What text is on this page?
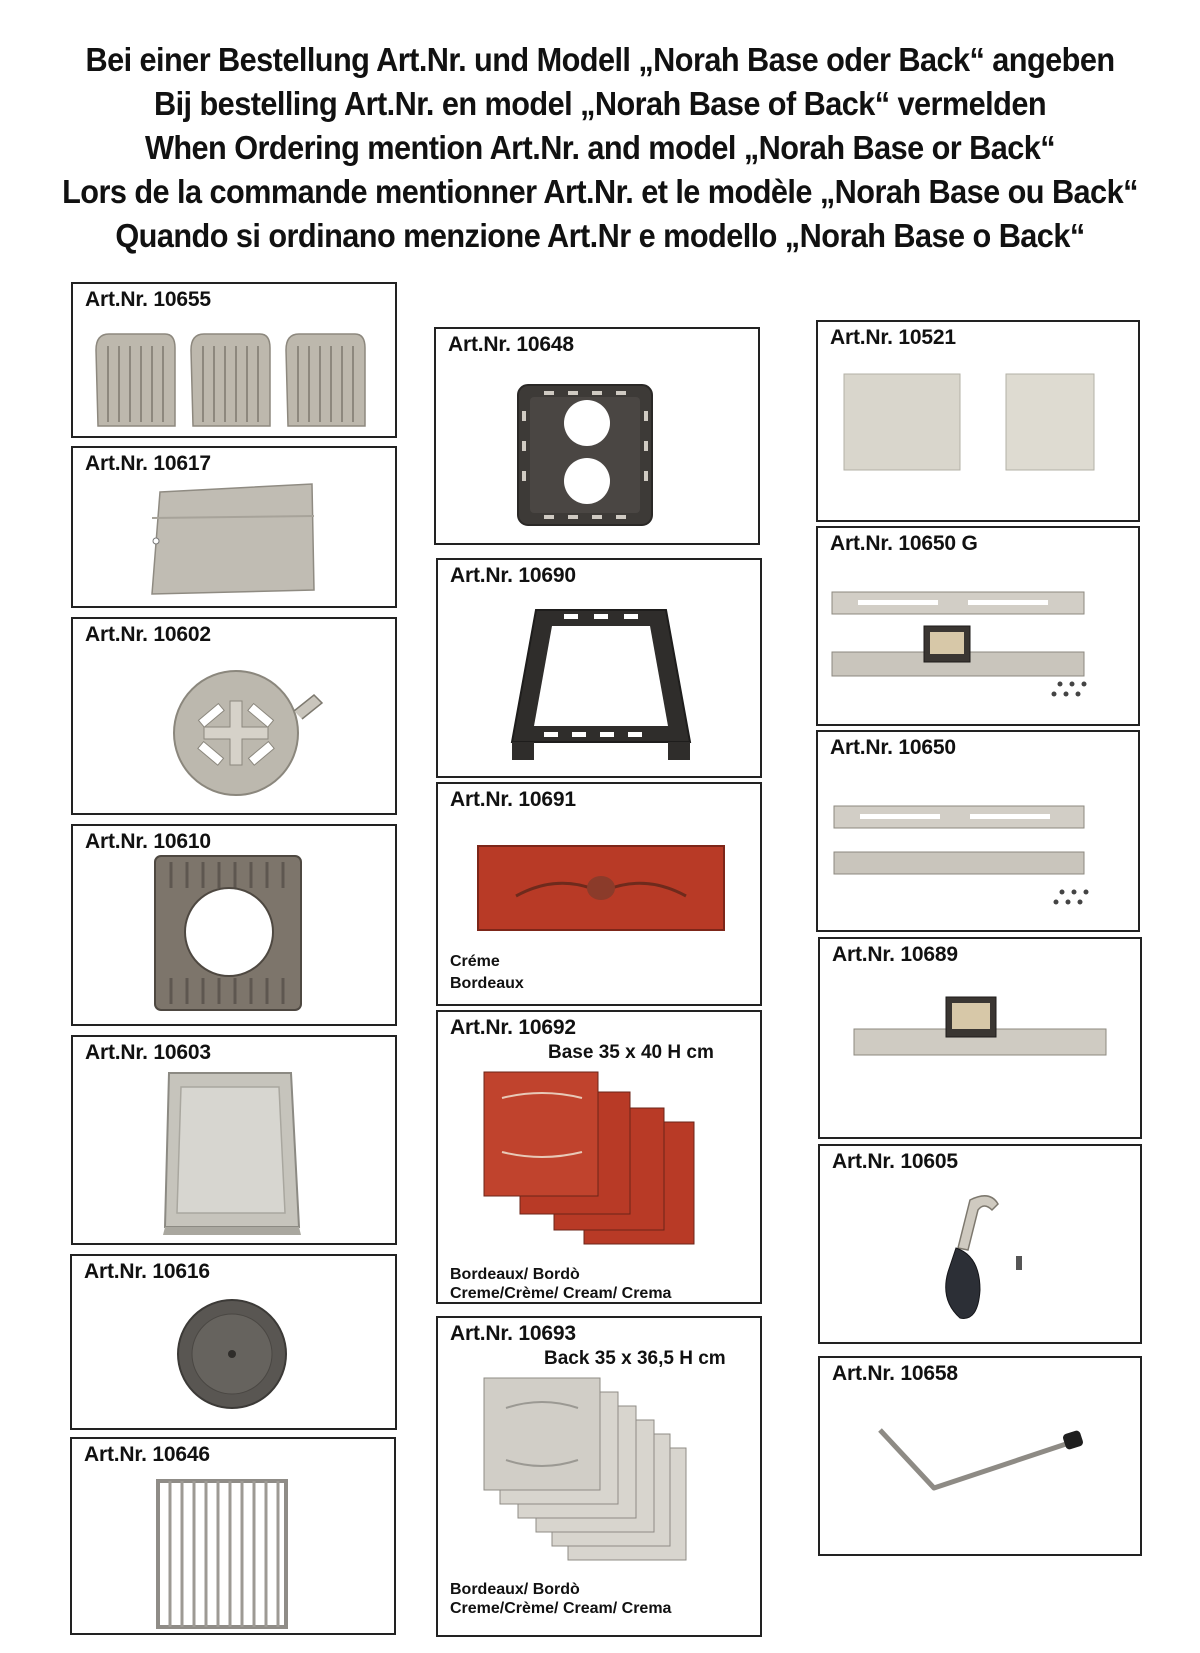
Bei einer Bestellung Art.Nr. und Modell „Norah Base oder Back“ angeben
Bij bestelling Art.Nr. en model „Norah Base of Back“ vermelden
When Ordering mention Art.Nr. and model „Norah Base or Back“
Lors de la commande mentionner Art.Nr. et le modèle „Norah Base ou Back“
Quando si ordinano menzione Art.Nr e modello „Norah Base o Back“
Art.Nr. 10655
Art.Nr. 10617
Art.Nr. 10602
Art.Nr. 10610
Art.Nr. 10603
Art.Nr. 10616
Art.Nr. 10646
Art.Nr. 10648
Art.Nr. 10690
Art.Nr. 10691
Créme
Bordeaux
Art.Nr. 10692
Base 35 x 40 H cm
Bordeaux/ Bordò
Creme/Crème/ Cream/ Crema
Art.Nr. 10693
Back 35 x 36,5 H cm
Bordeaux/ Bordò
Creme/Crème/ Cream/ Crema
Art.Nr. 10521
Art.Nr. 10650 G
Art.Nr. 10650
Art.Nr. 10689
Art.Nr. 10605
Art.Nr. 10658
